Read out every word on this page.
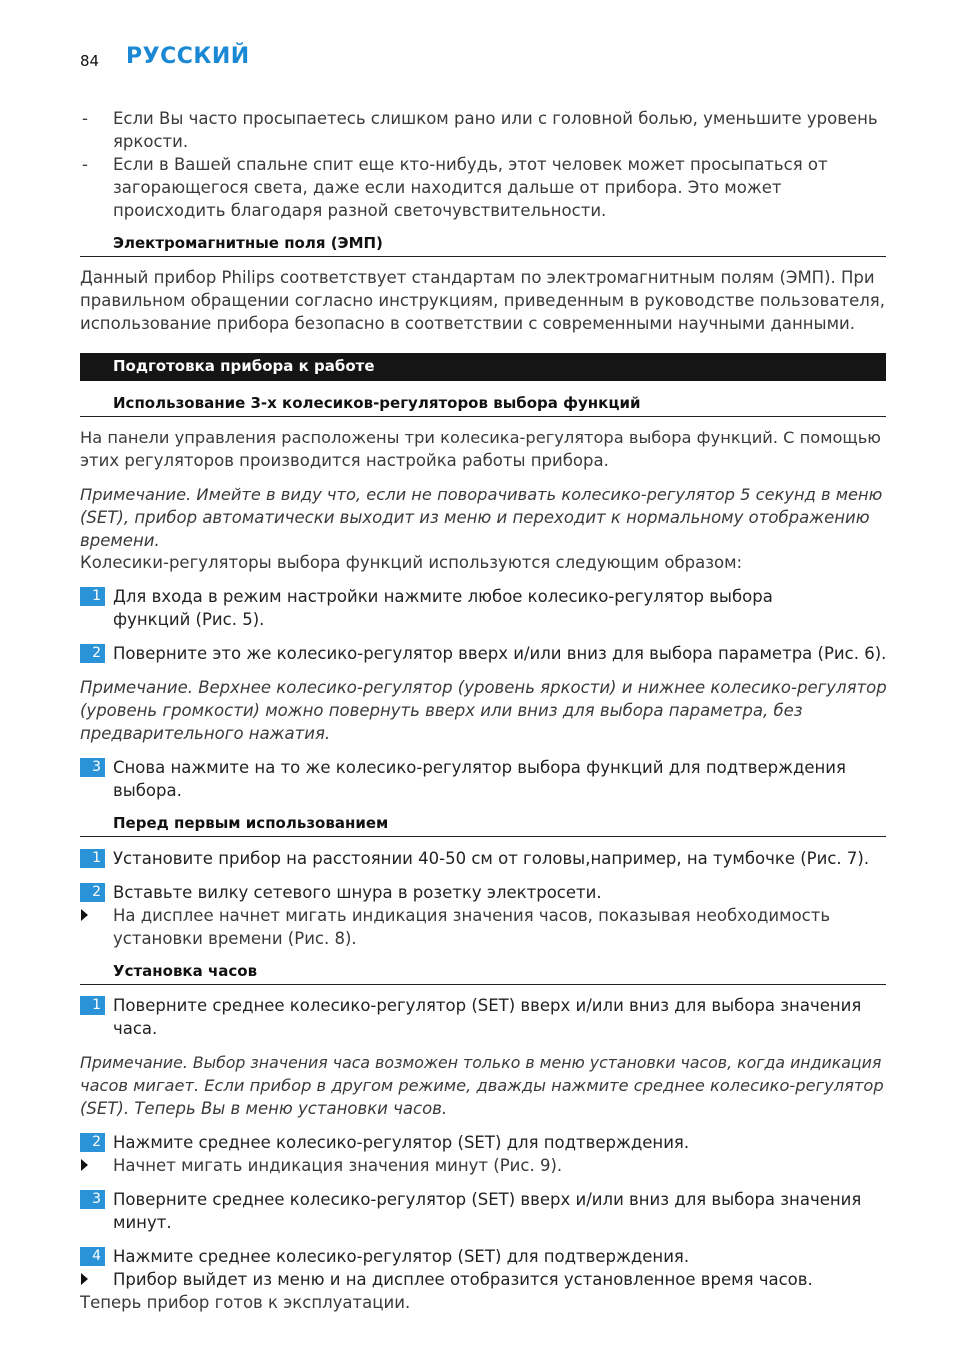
84 РУССКИЙ
- Если Вы часто просыпаетесь слишком рано или с головной болью, уменьшите уровень
яркости.
- Если в Вашей спальне спит еще кто-нибудь, этот человек может просыпаться от
загорающегося света, даже если находится дальше от прибора. Это может
происходить благодаря разной светочувствительности.
Электромагнитные поля (ЭМП)
Данный прибор Philips соответствует стандартам по электромагнитным полям (ЭМП). При
правильном обращении согласно инструкциям, приведенным в руководстве пользователя,
использование прибора безопасно в соответствии с современными научными данными.
Подготовка прибора к работе
Использование 3-х колесиков-регуляторов выбора функций
На панели управления расположены три колесика-регулятора выбора функций. С помощью
этих регуляторов производится настройка работы прибора.
Примечание. Имейте в виду что, если не поворачивать колесико-регулятор 5 секунд в меню
(SET), прибор автоматически выходит из меню и переходит к нормальному отображению
времени.
Колесики-регуляторы выбора функций используются следующим образом:
1 Для входа в режим настройки нажмите любое колесико-регулятор выбора
функций (Рис. 5).
2 Поверните это же колесико-регулятор вверх и/или вниз для выбора параметра (Рис. 6).
Примечание. Верхнее колесико-регулятор (уровень яркости) и нижнее колесико-регулятор
(уровень громкости) можно повернуть вверх или вниз для выбора параметра, без
предварительного нажатия.
3 Снова нажмите на то же колесико-регулятор выбора функций для подтверждения
выбора.
Перед первым использованием
1 Установите прибор на расстоянии 40-50 см от головы,например, на тумбочке (Рис. 7).
2 Вставьте вилку сетевого шнура в розетку электросети.
На дисплее начнет мигать индикация значения часов, показывая необходимость
установки времени (Рис. 8).
Установка часов
1 Поверните среднее колесико-регулятор (SET) вверх и/или вниз для выбора значения
часа.
Примечание. Выбор значения часа возможен только в меню установки часов, когда индикация
часов мигает. Если прибор в другом режиме, дважды нажмите среднее колесико-регулятор
(SET). Теперь Вы в меню установки часов.
2 Нажмите среднее колесико-регулятор (SET) для подтверждения.
Начнет мигать индикация значения минут (Рис. 9).
3 Поверните среднее колесико-регулятор (SET) вверх и/или вниз для выбора значения
минут.
4 Нажмите среднее колесико-регулятор (SET) для подтверждения.
Прибор выйдет из меню и на дисплее отобразится установленное время часов.
Теперь прибор готов к эксплуатации.
